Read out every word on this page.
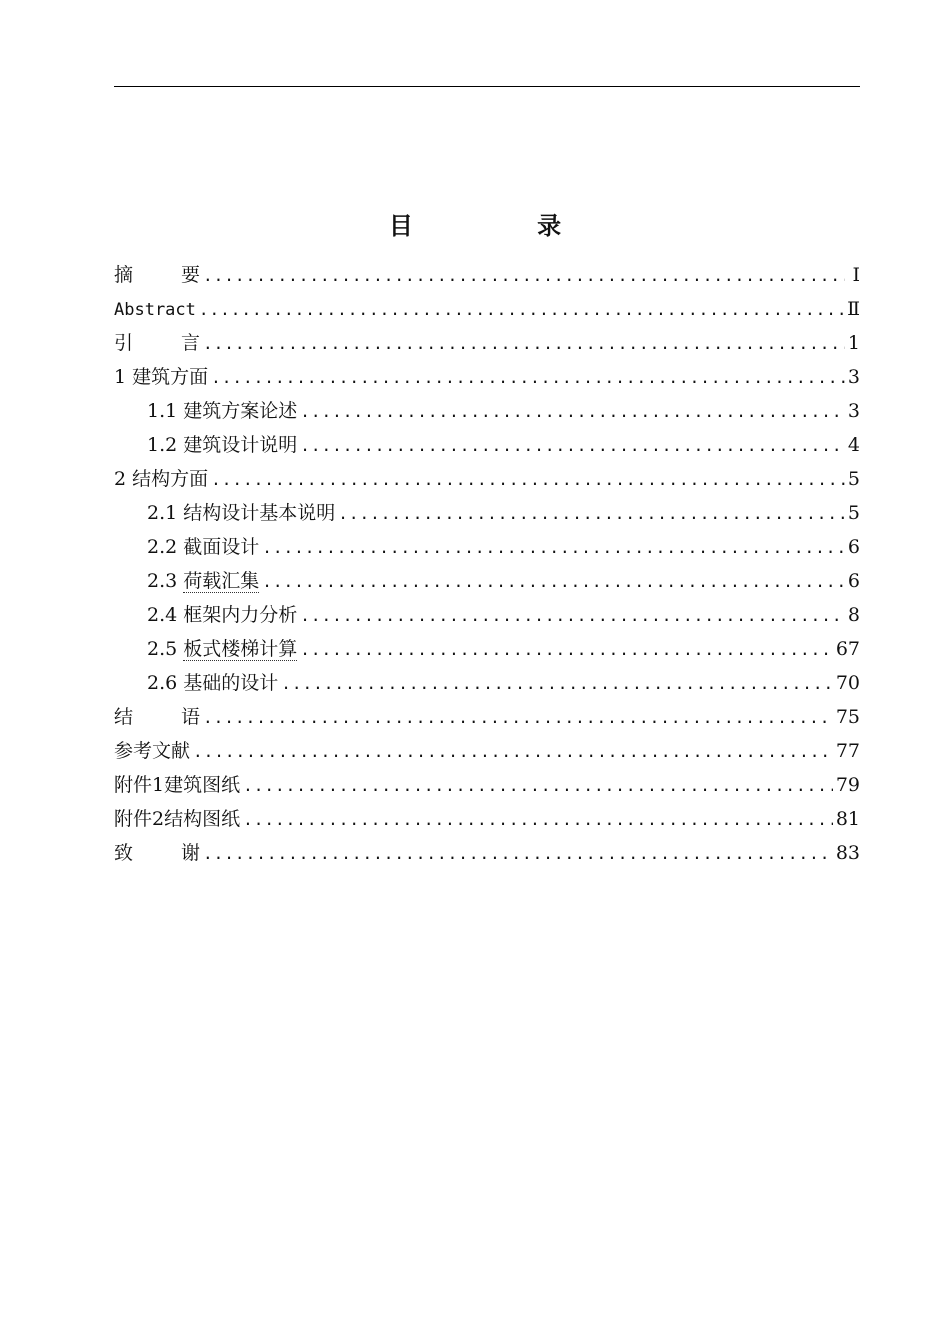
目 录
摘要 .....	Ⅰ
Abstract .....	Ⅱ
引言 .....	1
1 建筑方面 .....	3
1.1 建筑方案论述 .....	3
1.2 建筑设计说明 .....	4
2 结构方面 .....	5
2.1 结构设计基本说明 .....	5
2.2 截面设计 .....	6
2.3 荷载汇集 .....	6
2.4 框架内力分析 .....	8
2.5 板式楼梯计算 .....	67
2.6 基础的设计 .....	70
结语 .....	75
参考文献 .....	77
附件1建筑图纸 .....	79
附件2结构图纸 .....	81
致谢 .....	83
